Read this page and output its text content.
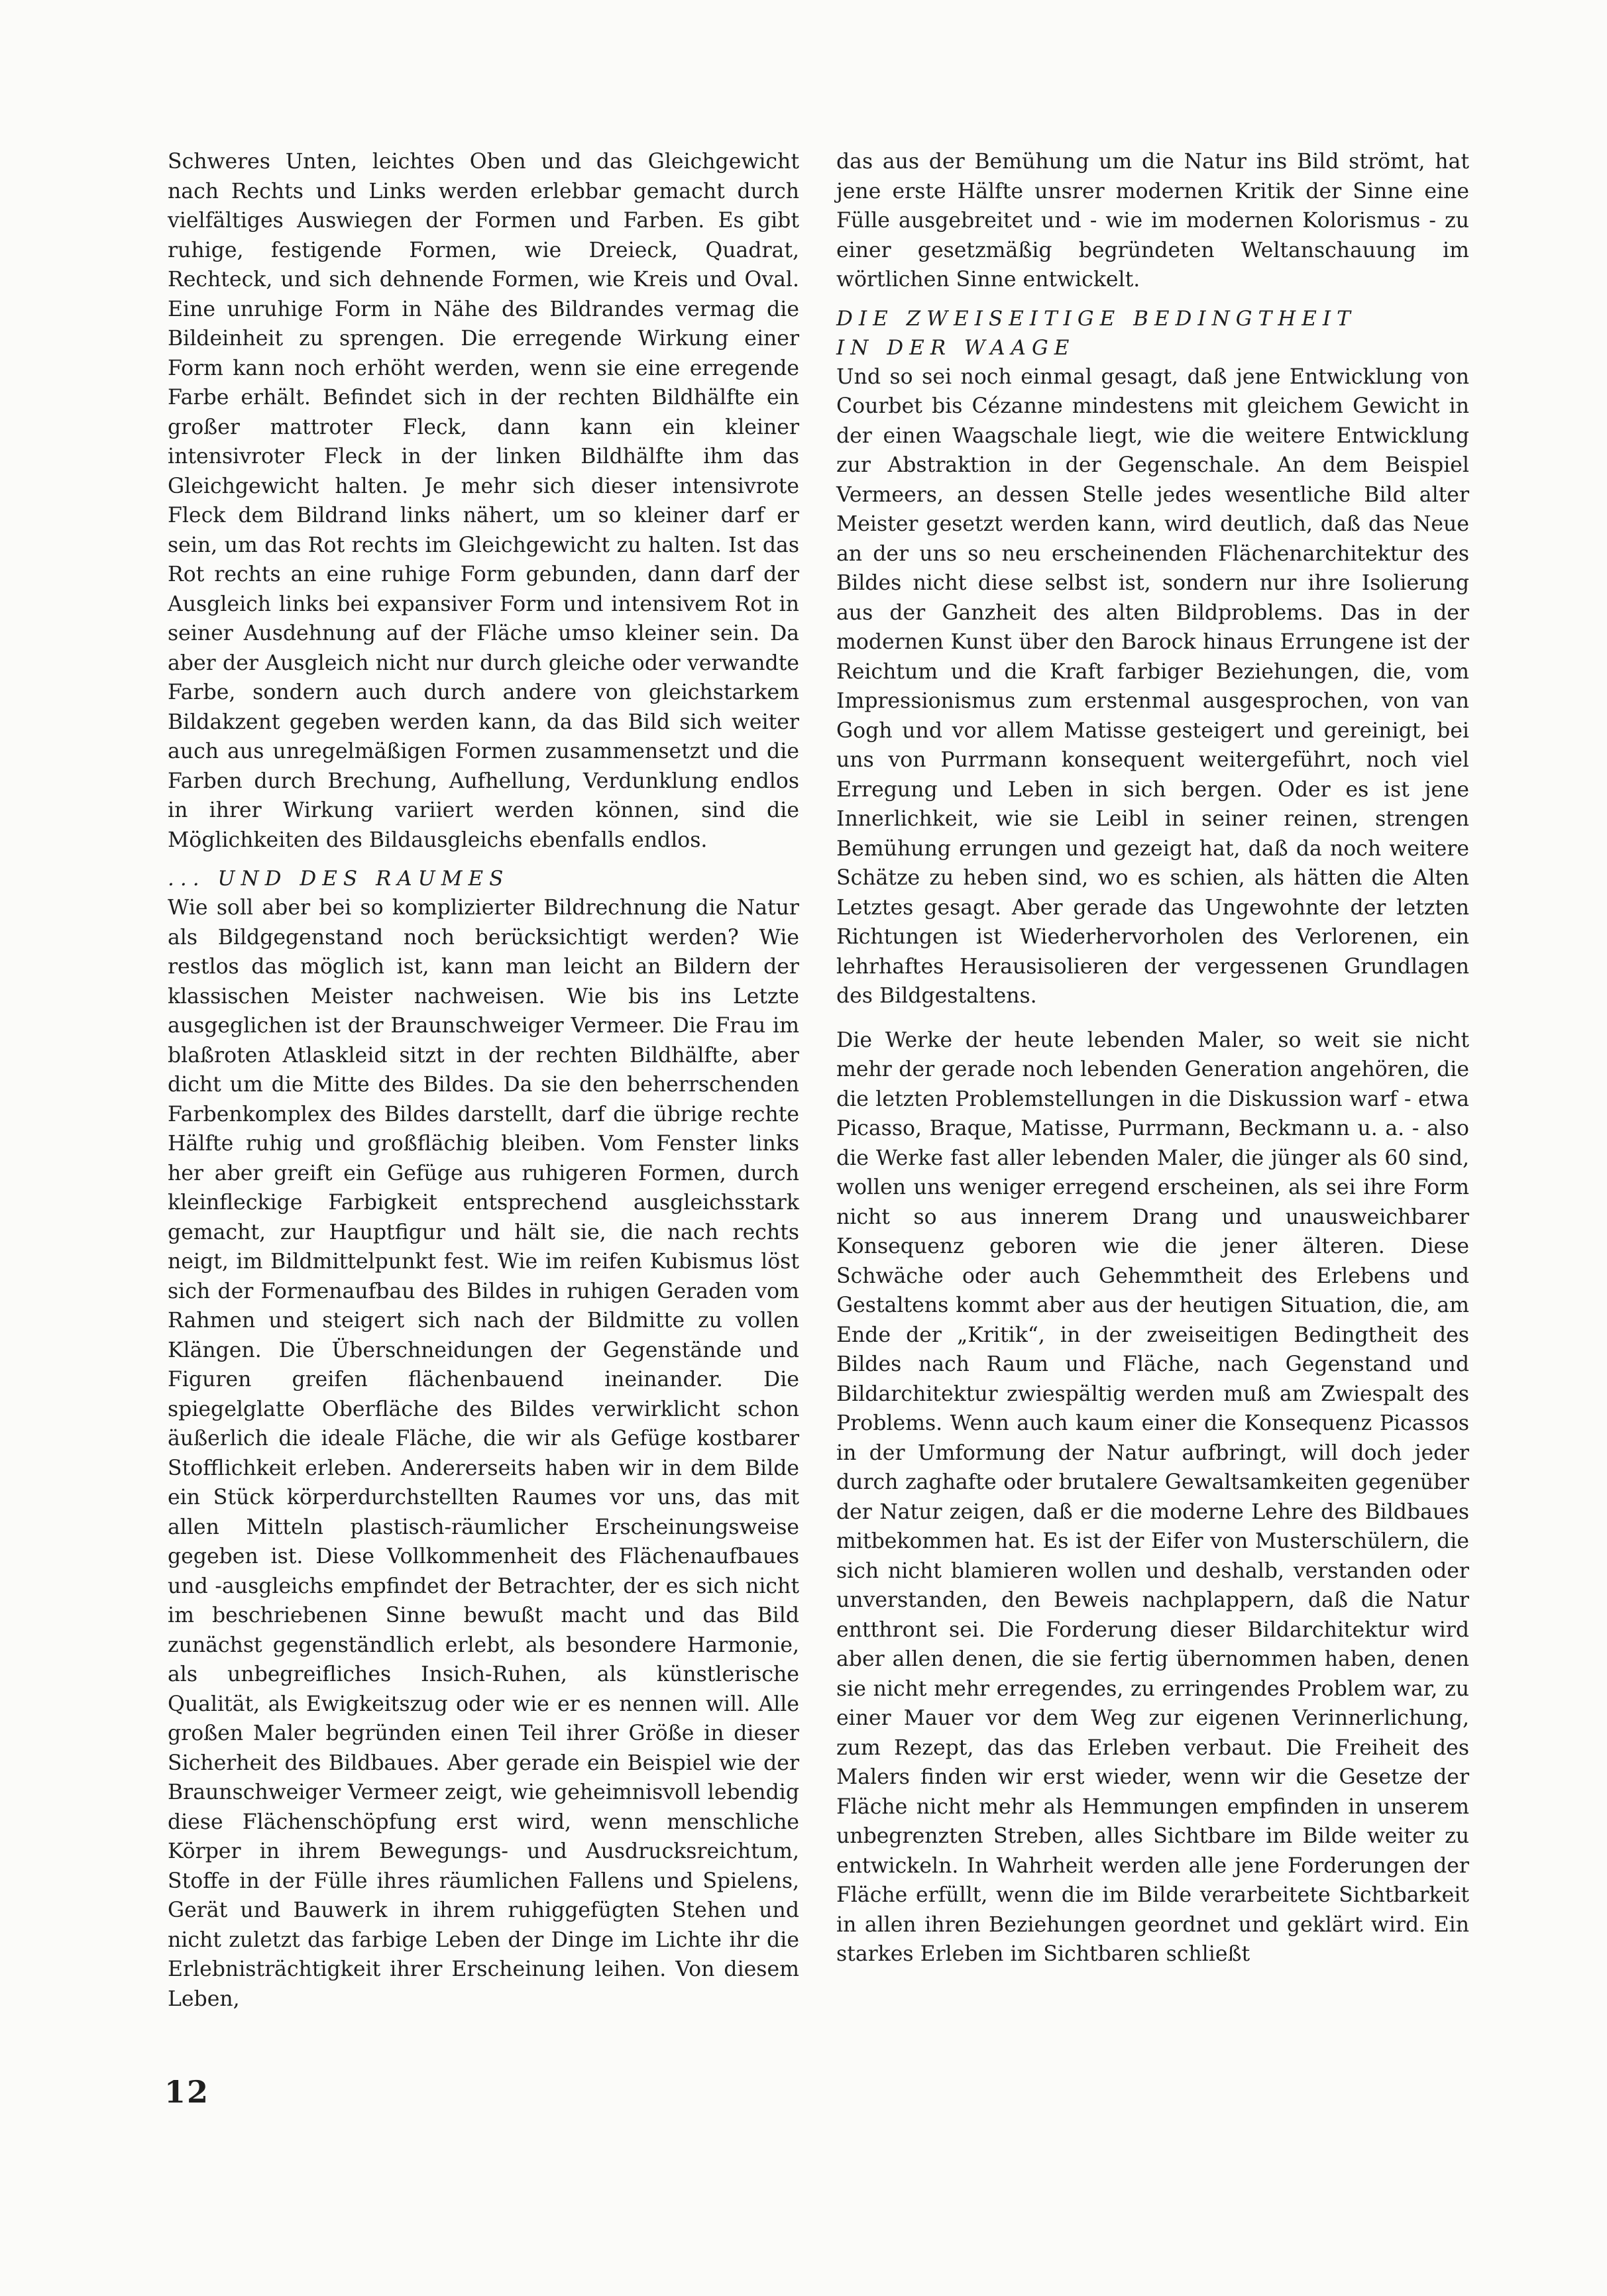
Schweres Unten, leichtes Oben und das Gleichgewicht nach Rechts und Links werden erlebbar gemacht durch vielfältiges Auswiegen der Formen und Farben. Es gibt ruhige, festigende Formen, wie Dreieck, Quadrat, Rechteck, und sich dehnende Formen, wie Kreis und Oval. Eine unruhige Form in Nähe des Bildrandes vermag die Bildeinheit zu sprengen. Die erregende Wirkung einer Form kann noch erhöht werden, wenn sie eine erregende Farbe erhält. Befindet sich in der rechten Bildhälfte ein großer mattroter Fleck, dann kann ein kleiner intensivroter Fleck in der linken Bildhälfte ihm das Gleichgewicht halten. Je mehr sich dieser intensivrote Fleck dem Bildrand links nähert, um so kleiner darf er sein, um das Rot rechts im Gleichgewicht zu halten. Ist das Rot rechts an eine ruhige Form gebunden, dann darf der Ausgleich links bei expansiver Form und intensivem Rot in seiner Ausdehnung auf der Fläche umso kleiner sein. Da aber der Ausgleich nicht nur durch gleiche oder verwandte Farbe, sondern auch durch andere von gleichstarkem Bildakzent gegeben werden kann, da das Bild sich weiter auch aus unregelmäßigen Formen zusammensetzt und die Farben durch Brechung, Aufhellung, Verdunklung endlos in ihrer Wirkung variiert werden können, sind die Möglichkeiten des Bildausgleichs ebenfalls endlos.

... UND DES RAUMES

Wie soll aber bei so komplizierter Bildrechnung die Natur als Bildgegenstand noch berücksichtigt werden? Wie restlos das möglich ist, kann man leicht an Bildern der klassischen Meister nachweisen. Wie bis ins Letzte ausgeglichen ist der Braunschweiger Vermeer. Die Frau im blaßroten Atlaskleid sitzt in der rechten Bildhälfte, aber dicht um die Mitte des Bildes. Da sie den beherrschenden Farbenkomplex des Bildes darstellt, darf die übrige rechte Hälfte ruhig und großflächig bleiben. Vom Fenster links her aber greift ein Gefüge aus ruhigeren Formen, durch kleinfleckige Farbigkeit entsprechend ausgleichsstark gemacht, zur Hauptfigur und hält sie, die nach rechts neigt, im Bildmittelpunkt fest. Wie im reifen Kubismus löst sich der Formenaufbau des Bildes in ruhigen Geraden vom Rahmen und steigert sich nach der Bildmitte zu vollen Klängen. Die Überschneidungen der Gegenstände und Figuren greifen flächenbauend ineinander. Die spiegelglatte Oberfläche des Bildes verwirklicht schon äußerlich die ideale Fläche, die wir als Gefüge kostbarer Stofflichkeit erleben. Andererseits haben wir in dem Bilde ein Stück körperdurchstellten Raumes vor uns, das mit allen Mitteln plastisch-räumlicher Erscheinungsweise gegeben ist. Diese Vollkommenheit des Flächenaufbaues und -ausgleichs empfindet der Betrachter, der es sich nicht im beschriebenen Sinne bewußt macht und das Bild zunächst gegenständlich erlebt, als besondere Harmonie, als unbegreifliches Insich-Ruhen, als künstlerische Qualität, als Ewigkeitszug oder wie er es nennen will. Alle großen Maler begründen einen Teil ihrer Größe in dieser Sicherheit des Bildbaues. Aber gerade ein Beispiel wie der Braunschweiger Vermeer zeigt, wie geheimnisvoll lebendig diese Flächenschöpfung erst wird, wenn menschliche Körper in ihrem Bewegungs- und Ausdrucksreichtum, Stoffe in der Fülle ihres räumlichen Fallens und Spielens, Gerät und Bauwerk in ihrem ruhiggefügten Stehen und nicht zuletzt das farbige Leben der Dinge im Lichte ihr die Erlebnisträchtigkeit ihrer Erscheinung leihen. Von diesem Leben,

das aus der Bemühung um die Natur ins Bild strömt, hat jene erste Hälfte unsrer modernen Kritik der Sinne eine Fülle ausgebreitet und - wie im modernen Kolorismus - zu einer gesetzmäßig begründeten Weltanschauung im wörtlichen Sinne entwickelt.

DIE ZWEISEITIGE BEDINGTHEIT
IN DER WAAGE

Und so sei noch einmal gesagt, daß jene Entwicklung von Courbet bis Cézanne mindestens mit gleichem Gewicht in der einen Waagschale liegt, wie die weitere Entwicklung zur Abstraktion in der Gegenschale. An dem Beispiel Vermeers, an dessen Stelle jedes wesentliche Bild alter Meister gesetzt werden kann, wird deutlich, daß das Neue an der uns so neu erscheinenden Flächenarchitektur des Bildes nicht diese selbst ist, sondern nur ihre Isolierung aus der Ganzheit des alten Bildproblems. Das in der modernen Kunst über den Barock hinaus Errungene ist der Reichtum und die Kraft farbiger Beziehungen, die, vom Impressionismus zum erstenmal ausgesprochen, von van Gogh und vor allem Matisse gesteigert und gereinigt, bei uns von Purrmann konsequent weitergeführt, noch viel Erregung und Leben in sich bergen. Oder es ist jene Innerlichkeit, wie sie Leibl in seiner reinen, strengen Bemühung errungen und gezeigt hat, daß da noch weitere Schätze zu heben sind, wo es schien, als hätten die Alten Letztes gesagt. Aber gerade das Ungewohnte der letzten Richtungen ist Wiederhervorholen des Verlorenen, ein lehrhaftes Herausisolieren der vergessenen Grundlagen des Bildgestaltens.

Die Werke der heute lebenden Maler, so weit sie nicht mehr der gerade noch lebenden Generation angehören, die die letzten Problemstellungen in die Diskussion warf - etwa Picasso, Braque, Matisse, Purrmann, Beckmann u. a. - also die Werke fast aller lebenden Maler, die jünger als 60 sind, wollen uns weniger erregend erscheinen, als sei ihre Form nicht so aus innerem Drang und unausweichbarer Konsequenz geboren wie die jener älteren. Diese Schwäche oder auch Gehemmtheit des Erlebens und Gestaltens kommt aber aus der heutigen Situation, die, am Ende der „Kritik“, in der zweiseitigen Bedingtheit des Bildes nach Raum und Fläche, nach Gegenstand und Bildarchitektur zwiespältig werden muß am Zwiespalt des Problems. Wenn auch kaum einer die Konsequenz Picassos in der Umformung der Natur aufbringt, will doch jeder durch zaghafte oder brutalere Gewaltsamkeiten gegenüber der Natur zeigen, daß er die moderne Lehre des Bildbaues mitbekommen hat. Es ist der Eifer von Musterschülern, die sich nicht blamieren wollen und deshalb, verstanden oder unverstanden, den Beweis nachplappern, daß die Natur entthront sei. Die Forderung dieser Bildarchitektur wird aber allen denen, die sie fertig übernommen haben, denen sie nicht mehr erregendes, zu erringendes Problem war, zu einer Mauer vor dem Weg zur eigenen Verinnerlichung, zum Rezept, das das Erleben verbaut. Die Freiheit des Malers finden wir erst wieder, wenn wir die Gesetze der Fläche nicht mehr als Hemmungen empfinden in unserem unbegrenzten Streben, alles Sichtbare im Bilde weiter zu entwickeln. In Wahrheit werden alle jene Forderungen der Fläche erfüllt, wenn die im Bilde verarbeitete Sichtbarkeit in allen ihren Beziehungen geordnet und geklärt wird. Ein starkes Erleben im Sichtbaren schließt

12
